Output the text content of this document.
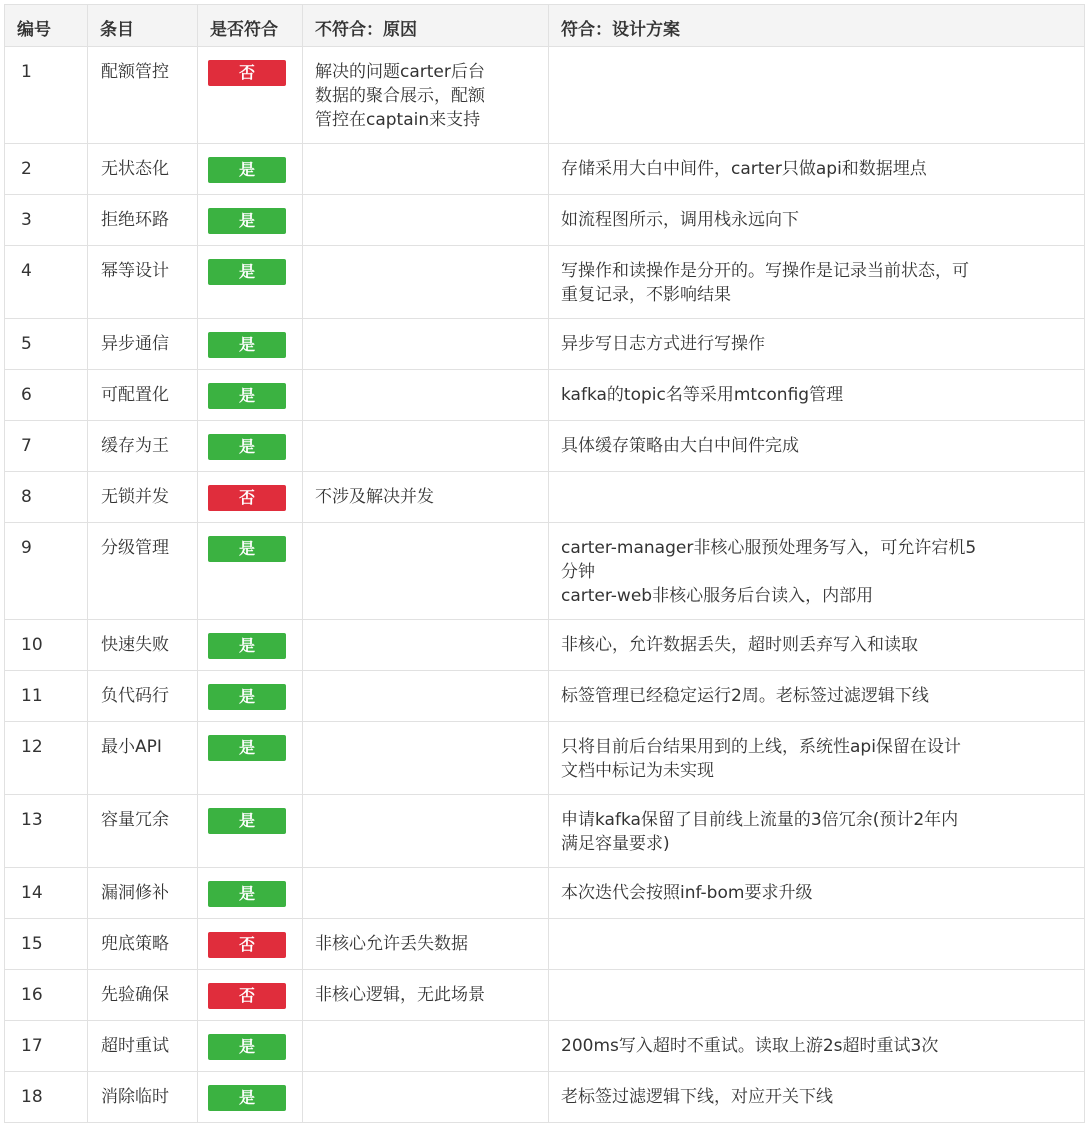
编号	条目	是否符合	不符合：原因	符合：设计方案
1	配额管控	否	解决的问题carter后台
数据的聚合展示，配额
管控在captain来支持	

2	无状态化	是		存储采用大白中间件，carter只做api和数据埋点

3	拒绝环路	是		如流程图所示，调用栈永远向下

4	幂等设计	是		写操作和读操作是分开的。写操作是记录当前状态，可
重复记录，不影响结果

5	异步通信	是		异步写日志方式进行写操作

6	可配置化	是		kafka的topic名等采用mtconfig管理

7	缓存为王	是		具体缓存策略由大白中间件完成

8	无锁并发	否	不涉及解决并发	

9	分级管理	是		carter-manager非核心服预处理务写入，可允许宕机5
分钟
carter-web非核心服务后台读入，内部用

10	快速失败	是		非核心，允许数据丢失，超时则丢弃写入和读取

11	负代码行	是		标签管理已经稳定运行2周。老标签过滤逻辑下线

12	最小API	是		只将目前后台结果用到的上线，系统性api保留在设计
文档中标记为未实现

13	容量冗余	是		申请kafka保留了目前线上流量的3倍冗余(预计2年内
满足容量要求)

14	漏洞修补	是		本次迭代会按照inf-bom要求升级

15	兜底策略	否	非核心允许丢失数据	

16	先验确保	否	非核心逻辑，无此场景	

17	超时重试	是		200ms写入超时不重试。读取上游2s超时重试3次

18	消除临时	是		老标签过滤逻辑下线，对应开关下线
